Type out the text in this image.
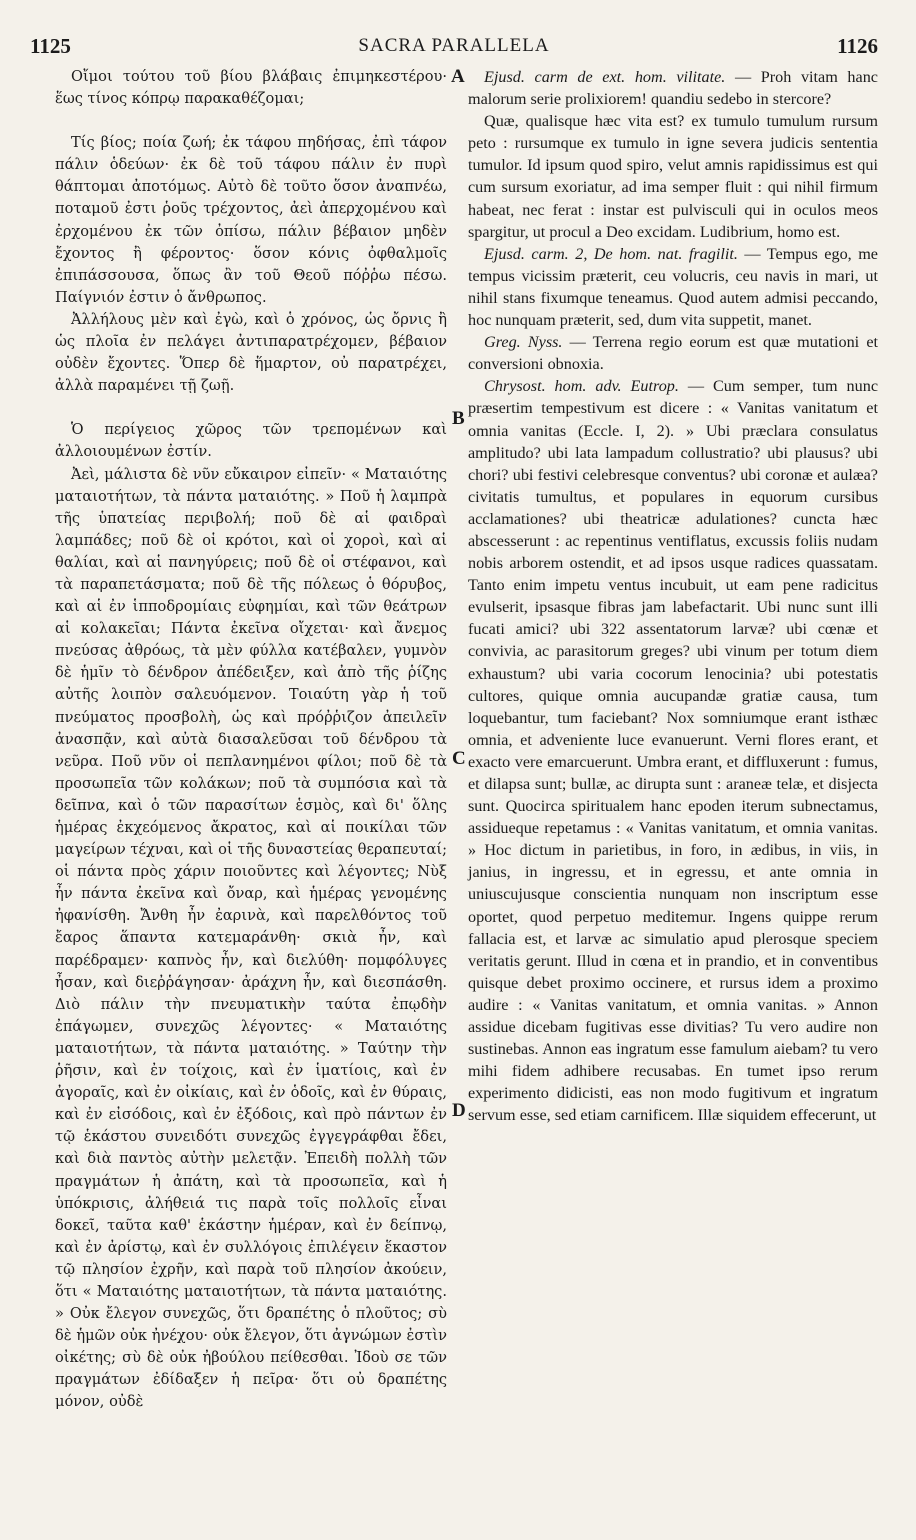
1125	SACRA PARALLELA	1126

Οἴμοι τούτου τοῦ βίου βλάβαις ἐπιμηκεστέρου· ἕως τίνος κόπρῳ παρακαθέζομαι;

Τίς βίος; ποία ζωή; ἐκ τάφου πηδήσας, ἐπὶ τάφον πάλιν ὁδεύων· ἐκ δὲ τοῦ τάφου πάλιν ἐν πυρὶ θάπτομαι ἀποτόμως. Αὐτὸ δὲ τοῦτο ὅσον ἀναπνέω, ποταμοῦ ἐστι ῥοῦς τρέχοντος, ἀεὶ ἀπερχομένου καὶ ἐρχομένου ἐκ τῶν ὀπίσω, πάλιν βέβαιον μηδὲν ἔχοντος ἢ φέροντος· ὅσον κόνις ὀφθαλμοῖς ἐπιπάσσουσα, ὅπως ἂν τοῦ Θεοῦ πόῤῥω πέσω. Παίγνιόν ἐστιν ὁ ἄνθρωπος.

Ἀλλήλους μὲν καὶ ἐγὼ, καὶ ὁ χρόνος, ὡς ὄρνις ἢ ὡς πλοῖα ἐν πελάγει ἀντιπαρατρέχομεν, βέβαιον οὐδὲν ἔχοντες. Ὅπερ δὲ ἥμαρτον, οὐ παρατρέχει, ἀλλὰ παραμένει τῇ ζωῇ.

Ὁ περίγειος χῶρος τῶν τρεπομένων καὶ ἀλλοιουμένων ἐστίν.

Ἀεὶ, μάλιστα δὲ νῦν εὔκαιρον εἰπεῖν· « Ματαιότης ματαιοτήτων, τὰ πάντα ματαιότης. » Ποῦ ἡ λαμπρὰ τῆς ὑπατείας περιβολή; ποῦ δὲ αἱ φαιδραὶ λαμπάδες; ποῦ δὲ οἱ κρότοι, καὶ οἱ χοροὶ, καὶ αἱ θαλίαι, καὶ αἱ πανηγύρεις; ποῦ δὲ οἱ στέφανοι, καὶ τὰ παραπετάσματα; ποῦ δὲ τῆς πόλεως ὁ θόρυβος, καὶ αἱ ἐν ἱπποδρομίαις εὐφημίαι, καὶ τῶν θεάτρων αἱ κολακεῖαι; Πάντα ἐκεῖνα οἴχεται· καὶ ἄνεμος πνεύσας ἀθρόως, τὰ μὲν φύλλα κατέβαλεν, γυμνὸν δὲ ἡμῖν τὸ δένδρον ἀπέδειξεν, καὶ ἀπὸ τῆς ῥίζης αὐτῆς λοιπὸν σαλευόμενον. Τοιαύτη γὰρ ἡ τοῦ πνεύματος προσβολὴ, ὡς καὶ πρόῤῥιζον ἀπειλεῖν ἀνασπᾷν, καὶ αὐτὰ διασαλεῦσαι τοῦ δένδρου τὰ νεῦρα. Ποῦ νῦν οἱ πεπλανημένοι φίλοι; ποῦ δὲ τὰ προσωπεῖα τῶν κολάκων; ποῦ τὰ συμπόσια καὶ τὰ δεῖπνα, καὶ ὁ τῶν παρασίτων ἑσμὸς, καὶ δι' ὅλης ἡμέρας ἐκχεόμενος ἄκρατος, καὶ αἱ ποικίλαι τῶν μαγείρων τέχναι, καὶ οἱ τῆς δυναστείας θεραπευταί; οἱ πάντα πρὸς χάριν ποιοῦντες καὶ λέγοντες; Νὺξ ἦν πάντα ἐκεῖνα καὶ ὄναρ, καὶ ἡμέρας γενομένης ἠφανίσθη. Ἄνθη ἦν ἐαρινὰ, καὶ παρελθόντος τοῦ ἔαρος ἅπαντα κατεμαράνθη· σκιὰ ἦν, καὶ παρέδραμεν· καπνὸς ἦν, καὶ διελύθη· πομφόλυγες ἦσαν, καὶ διεῤῥάγησαν· ἀράχνη ἦν, καὶ διεσπάσθη. Διὸ πάλιν τὴν πνευματικὴν ταύτα ἐπῳδὴν ἐπάγωμεν, συνεχῶς λέγοντες· « Ματαιότης ματαιοτήτων, τὰ πάντα ματαιότης. » Ταύτην τὴν ῥῆσιν, καὶ ἐν τοίχοις, καὶ ἐν ἱματίοις, καὶ ἐν ἀγοραῖς, καὶ ἐν οἰκίαις, καὶ ἐν ὁδοῖς, καὶ ἐν θύραις, καὶ ἐν εἰσόδοις, καὶ ἐν ἐξόδοις, καὶ πρὸ πάντων ἐν τῷ ἑκάστου συνειδότι συνεχῶς ἐγγεγράφθαι ἔδει, καὶ διὰ παντὸς αὐτὴν μελετᾷν. Ἐπειδὴ πολλὴ τῶν πραγμάτων ἡ ἀπάτη, καὶ τὰ προσωπεῖα, καὶ ἡ ὑπόκρισις, ἀλήθειά τις παρὰ τοῖς πολλοῖς εἶναι δοκεῖ, ταῦτα καθ' ἑκάστην ἡμέραν, καὶ ἐν δείπνῳ, καὶ ἐν ἀρίστῳ, καὶ ἐν συλλόγοις ἐπιλέγειν ἕκαστον τῷ πλησίον ἐχρῆν, καὶ παρὰ τοῦ πλησίον ἀκούειν, ὅτι « Ματαιότης ματαιοτήτων, τὰ πάντα ματαιότης. » Οὐκ ἔλεγον συνεχῶς, ὅτι δραπέτης ὁ πλοῦτος; σὺ δὲ ἡμῶν οὐκ ἠνέχου· οὐκ ἔλεγον, ὅτι ἀγνώμων ἐστὶν οἰκέτης; σὺ δὲ οὐκ ἠβούλου πείθεσθαι. Ἰδοὺ σε τῶν πραγμάτων ἐδίδαξεν ἡ πεῖρα· ὅτι οὐ δραπέτης μόνον, οὐδὲ

A
B
C
D

Ejusd. carm de ext. hom. vilitate. — Proh vitam hanc malorum serie prolixiorem! quandiu sedebo in stercore?

Quæ, qualisque hæc vita est? ex tumulo tumulum rursum peto : rursumque ex tumulo in igne severa judicis sententia tumulor. Id ipsum quod spiro, velut amnis rapidissimus est qui cum sursum exoriatur, ad ima semper fluit : qui nihil firmum habeat, nec ferat : instar est pulvisculi qui in oculos meos spargitur, ut procul a Deo excidam. Ludibrium, homo est.

Ejusd. carm. 2, De hom. nat. fragilit. — Tempus ego, me tempus vicissim præterit, ceu volucris, ceu navis in mari, ut nihil stans fixumque teneamus. Quod autem admisi peccando, hoc nunquam præterit, sed, dum vita suppetit, manet.

Greg. Nyss. — Terrena regio eorum est quæ mutationi et conversioni obnoxia.

Chrysost. hom. adv. Eutrop. — Cum semper, tum nunc præsertim tempestivum est dicere : « Vanitas vanitatum et omnia vanitas (Eccle. I, 2). » Ubi præclara consulatus amplitudo? ubi lata lampadum collustratio? ubi plausus? ubi chori? ubi festivi celebresque conventus? ubi coronæ et aulæa? civitatis tumultus, et populares in equorum cursibus acclamationes? ubi theatricæ adulationes? cuncta hæc abscesserunt : ac repentinus ventiflatus, excussis foliis nudam nobis arborem ostendit, et ad ipsos usque radices quassatam. Tanto enim impetu ventus incubuit, ut eam pene radicitus evulserit, ipsasque fibras jam labefactarit. Ubi nunc sunt illi fucati amici? ubi 322 assentatorum larvæ? ubi cœnæ et convivia, ac parasitorum greges? ubi vinum per totum diem exhaustum? ubi varia cocorum lenocinia? ubi potestatis cultores, quique omnia aucupandæ gratiæ causa, tum loquebantur, tum faciebant? Nox somniumque erant isthæc omnia, et adveniente luce evanuerunt. Verni flores erant, et exacto vere emarcuerunt. Umbra erant, et diffluxerunt : fumus, et dilapsa sunt; bullæ, ac dirupta sunt : araneæ telæ, et disjecta sunt. Quocirca spiritualem hanc epoden iterum subnectamus, assidueque repetamus : « Vanitas vanitatum, et omnia vanitas. » Hoc dictum in parietibus, in foro, in ædibus, in viis, in janius, in ingressu, et in egressu, et ante omnia in uniuscujusque conscientia nunquam non inscriptum esse oportet, quod perpetuo meditemur. Ingens quippe rerum fallacia est, et larvæ ac simulatio apud plerosque speciem veritatis gerunt. Illud in cœna et in prandio, et in conventibus quisque debet proximo occinere, et rursus idem a proximo audire : « Vanitas vanitatum, et omnia vanitas. » Annon assidue dicebam fugitivas esse divitias? Tu vero audire non sustinebas. Annon eas ingratum esse famulum aiebam? tu vero mihi fidem adhibere recusabas. En tumet ipso rerum experimento didicisti, eas non modo fugitivum et ingratum servum esse, sed etiam carnificem. Illæ siquidem effecerunt, ut
